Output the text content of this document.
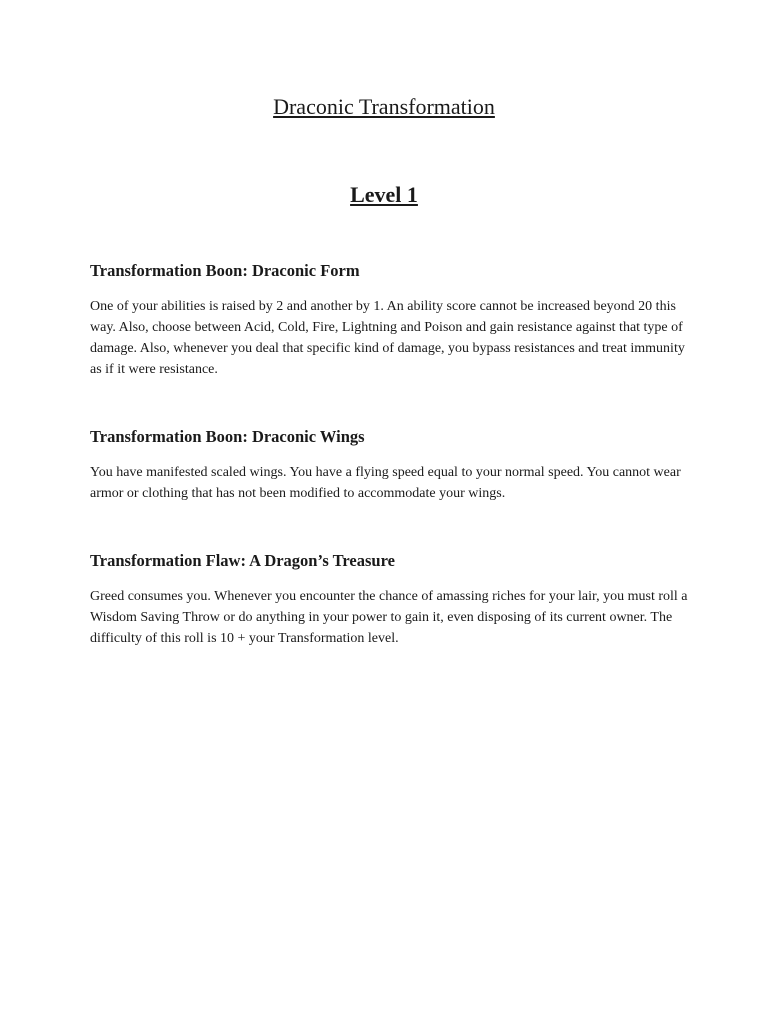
Draconic Transformation
Level 1
Transformation Boon: Draconic Form

One of your abilities is raised by 2 and another by 1. An ability score cannot be increased beyond 20 this way. Also, choose between Acid, Cold, Fire, Lightning and Poison and gain resistance against that type of damage. Also, whenever you deal that specific kind of damage, you bypass resistances and treat immunity as if it were resistance.

Transformation Boon: Draconic Wings

You have manifested scaled wings. You have a flying speed equal to your normal speed. You cannot wear armor or clothing that has not been modified to accommodate your wings.

Transformation Flaw: A Dragon’s Treasure

Greed consumes you. Whenever you encounter the chance of amassing riches for your lair, you must roll a Wisdom Saving Throw or do anything in your power to gain it, even disposing of its current owner. The difficulty of this roll is 10 + your Transformation level.
